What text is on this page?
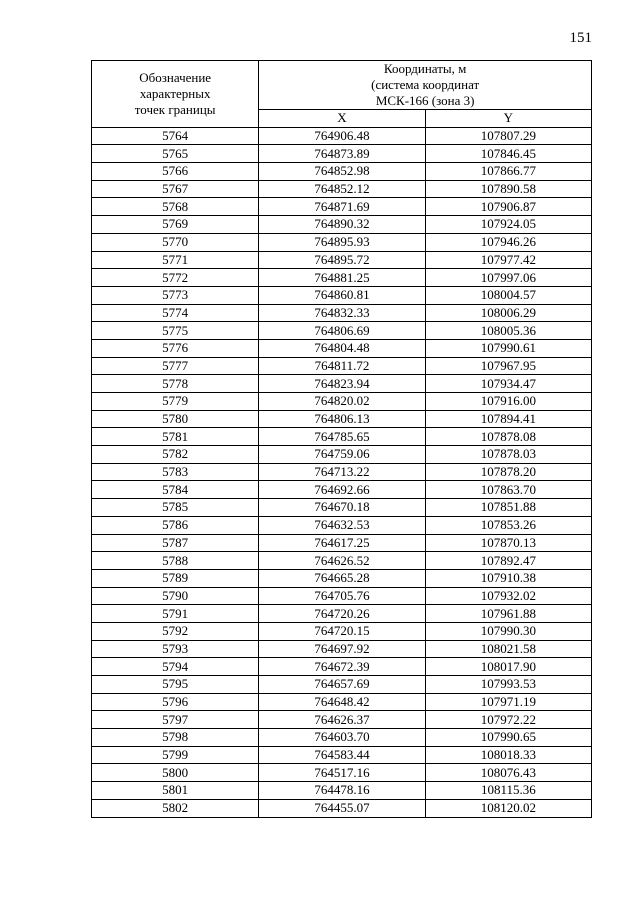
151
Обозначение
характерных
точек границы	Координаты, м
(система координат
МСК-166 (зона 3)	

	X	Y
5764	764906.48	107807.29
5765	764873.89	107846.45
5766	764852.98	107866.77
5767	764852.12	107890.58
5768	764871.69	107906.87
5769	764890.32	107924.05
5770	764895.93	107946.26
5771	764895.72	107977.42
5772	764881.25	107997.06
5773	764860.81	108004.57
5774	764832.33	108006.29
5775	764806.69	108005.36
5776	764804.48	107990.61
5777	764811.72	107967.95
5778	764823.94	107934.47
5779	764820.02	107916.00
5780	764806.13	107894.41
5781	764785.65	107878.08
5782	764759.06	107878.03
5783	764713.22	107878.20
5784	764692.66	107863.70
5785	764670.18	107851.88
5786	764632.53	107853.26
5787	764617.25	107870.13
5788	764626.52	107892.47
5789	764665.28	107910.38
5790	764705.76	107932.02
5791	764720.26	107961.88
5792	764720.15	107990.30
5793	764697.92	108021.58
5794	764672.39	108017.90
5795	764657.69	107993.53
5796	764648.42	107971.19
5797	764626.37	107972.22
5798	764603.70	107990.65
5799	764583.44	108018.33
5800	764517.16	108076.43
5801	764478.16	108115.36
5802	764455.07	108120.02
